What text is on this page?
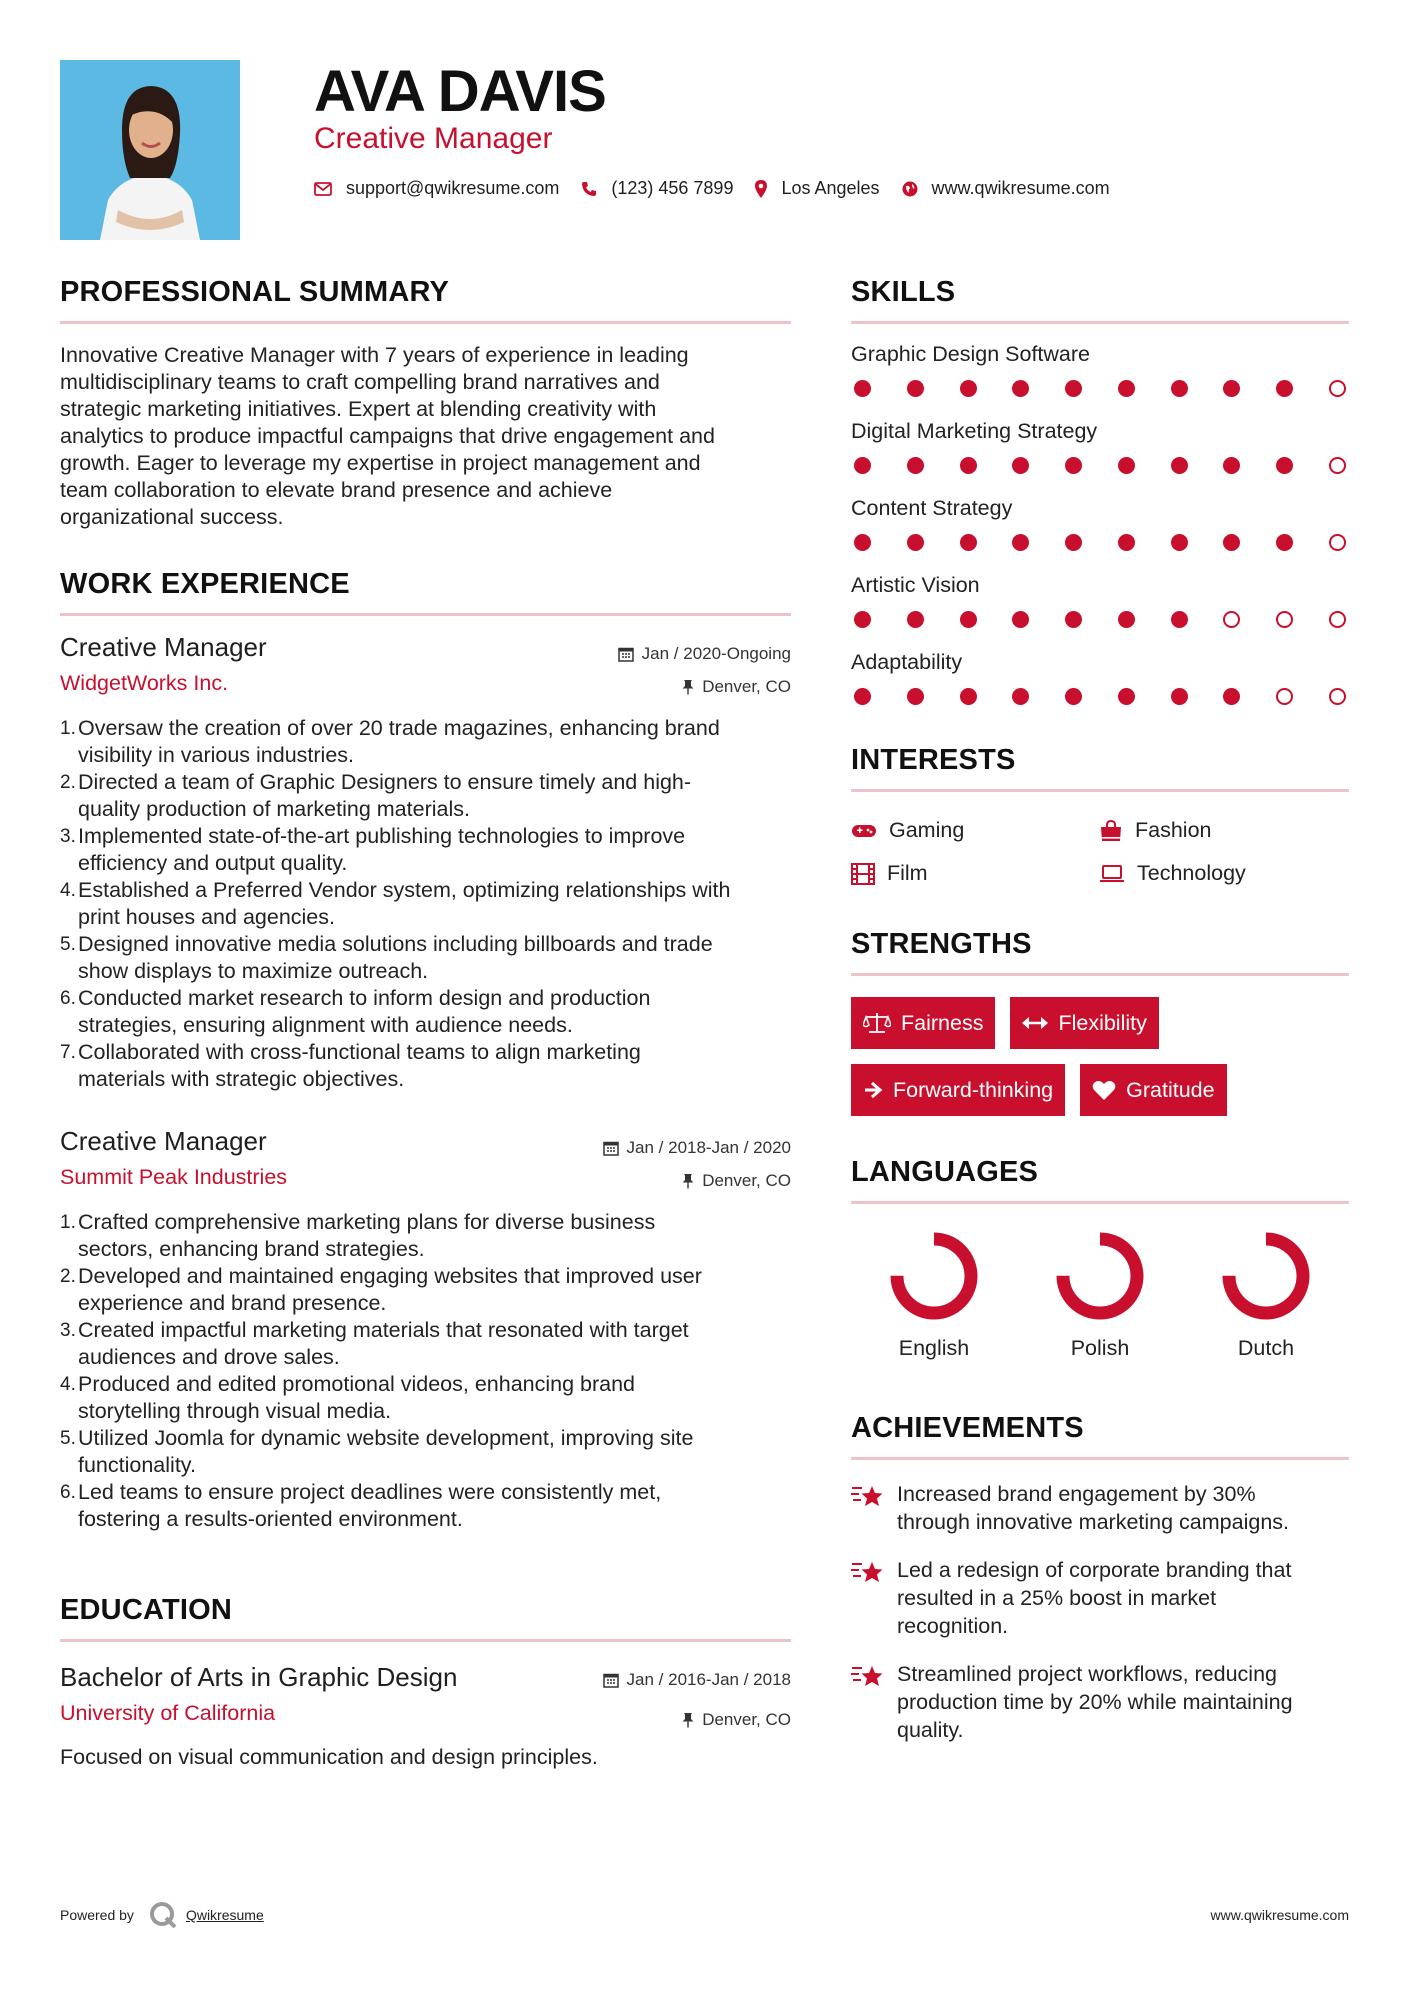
AVA DAVIS
Creative Manager
support@qwikresume.com	(123) 456 7899	Los Angeles	www.qwikresume.com
PROFESSIONAL SUMMARY
Innovative Creative Manager with 7 years of experience in leading
multidisciplinary teams to craft compelling brand narratives and
strategic marketing initiatives. Expert at blending creativity with
analytics to produce impactful campaigns that drive engagement and
growth. Eager to leverage my expertise in project management and
team collaboration to elevate brand presence and achieve
organizational success.
WORK EXPERIENCE
Creative Manager
WidgetWorks Inc.
Jan / 2020-Ongoing
Denver, CO
1. Oversaw the creation of over 20 trade magazines, enhancing brand
visibility in various industries.
2. Directed a team of Graphic Designers to ensure timely and high-
quality production of marketing materials.
3. Implemented state-of-the-art publishing technologies to improve
efficiency and output quality.
4. Established a Preferred Vendor system, optimizing relationships with
print houses and agencies.
5. Designed innovative media solutions including billboards and trade
show displays to maximize outreach.
6. Conducted market research to inform design and production
strategies, ensuring alignment with audience needs.
7. Collaborated with cross-functional teams to align marketing
materials with strategic objectives.
Creative Manager
Summit Peak Industries
Jan / 2018-Jan / 2020
Denver, CO
1. Crafted comprehensive marketing plans for diverse business
sectors, enhancing brand strategies.
2. Developed and maintained engaging websites that improved user
experience and brand presence.
3. Created impactful marketing materials that resonated with target
audiences and drove sales.
4. Produced and edited promotional videos, enhancing brand
storytelling through visual media.
5. Utilized Joomla for dynamic website development, improving site
functionality.
6. Led teams to ensure project deadlines were consistently met,
fostering a results-oriented environment.
EDUCATION
Bachelor of Arts in Graphic Design
University of California
Jan / 2016-Jan / 2018
Denver, CO
Focused on visual communication and design principles.
SKILLS
Graphic Design Software
Digital Marketing Strategy
Content Strategy
Artistic Vision
Adaptability
INTERESTS
Gaming	Fashion
Film	Technology
STRENGTHS
Fairness	Flexibility
Forward-thinking	Gratitude
LANGUAGES
English	Polish	Dutch
ACHIEVEMENTS
Increased brand engagement by 30%
through innovative marketing campaigns.
Led a redesign of corporate branding that
resulted in a 25% boost in market
recognition.
Streamlined project workflows, reducing
production time by 20% while maintaining
quality.
Powered by	Qwikresume	www.qwikresume.com
